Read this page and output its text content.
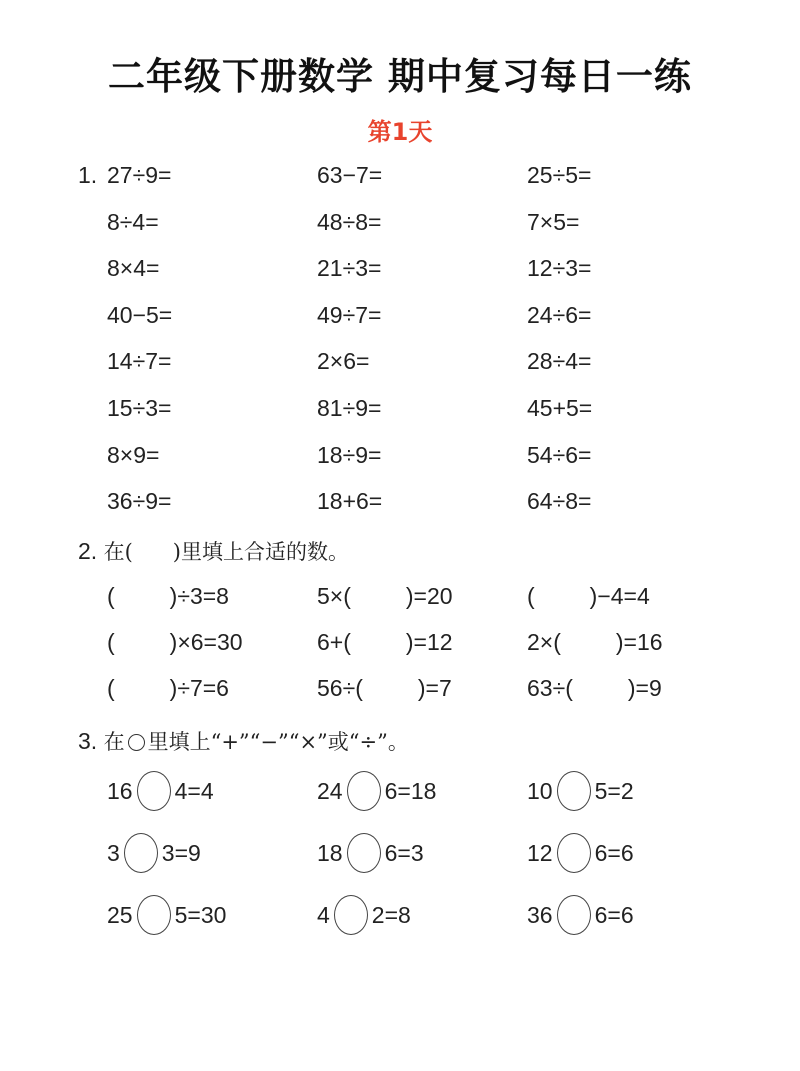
二年级下册数学 期中复习每日一练
第1天
1. 27÷9=	63−7=	25÷5=
8÷4=	48÷8=	7×5=
8×4=	21÷3=	12÷3=
40−5=	49÷7=	24÷6=
14÷7=	2×6=	28÷4=
15÷3=	81÷9=	45+5=
8×9=	18÷9=	54÷6=
36÷9=	18+6=	64÷8=
2. 在( )里填上合适的数。
( )÷3=8	5×( )=20	( )−4=4
( )×6=30	6+( )=12	2×( )=16
( )÷7=6	56÷( )=7	63÷( )=9
3. 在 里填上“+”“−”“×”或“÷”。
16 4=4	24 6=18	10 5=2
3 3=9	18 6=3	12 6=6
25 5=30	4 2=8	36 6=6
